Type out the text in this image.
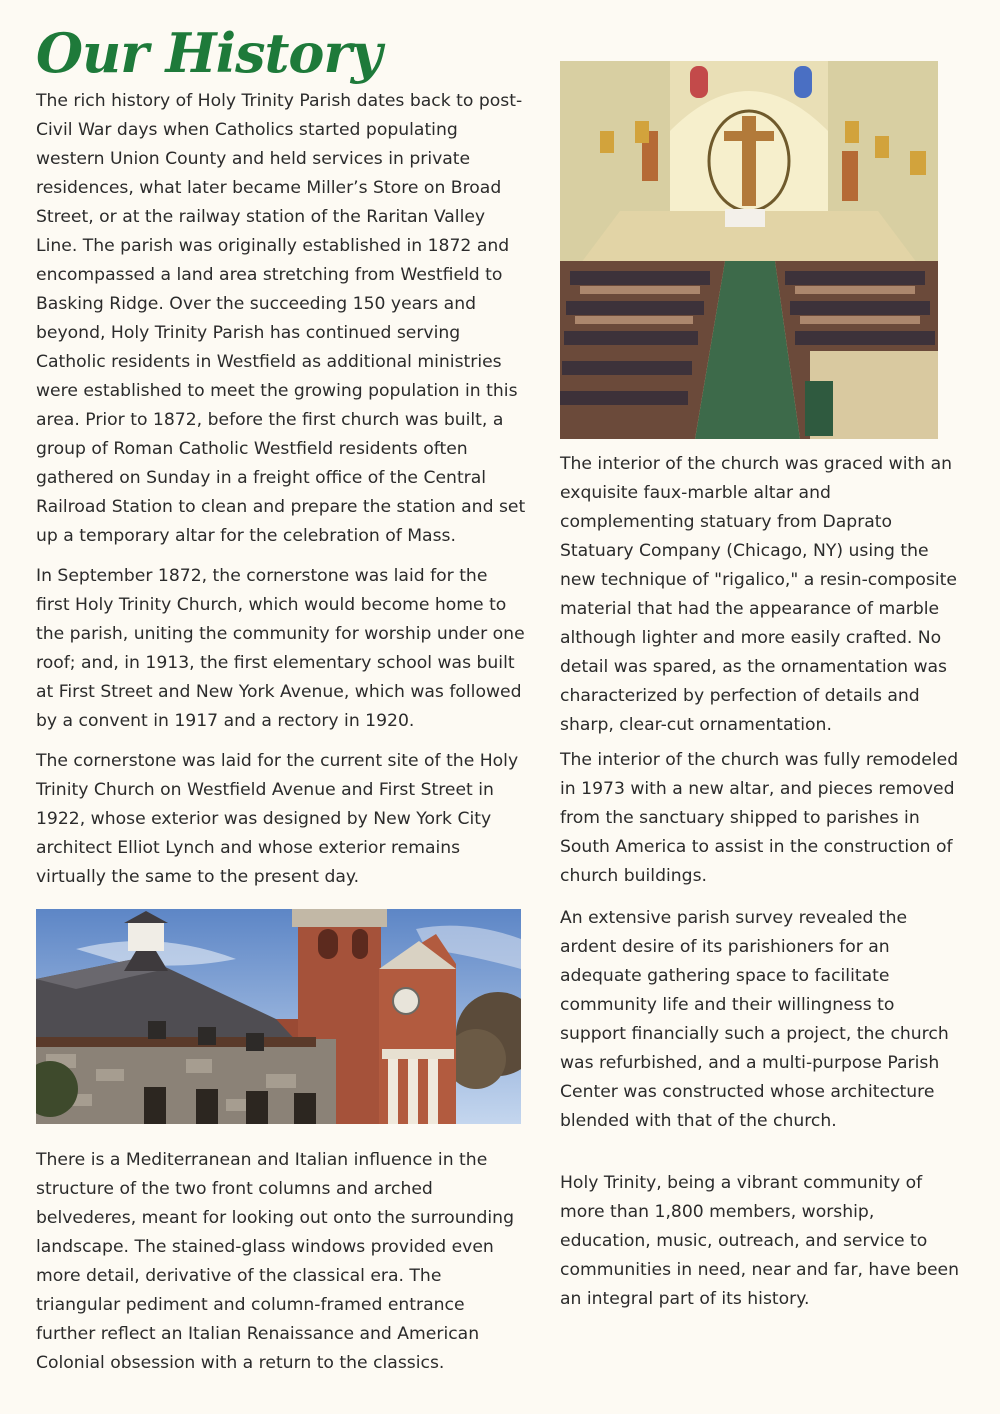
Our History

The rich history of Holy Trinity Parish dates back to post-Civil War days when Catholics started populating western Union County and held services in private residences, what later became Miller’s Store on Broad Street, or at the railway station of the Raritan Valley Line. The parish was originally established in 1872 and encompassed a land area stretching from Westfield to Basking Ridge. Over the succeeding 150 years and beyond, Holy Trinity Parish has continued serving Catholic residents in Westfield as additional ministries were established to meet the growing population in this area. Prior to 1872, before the first church was built, a group of Roman Catholic Westfield residents often gathered on Sunday in a freight office of the Central Railroad Station to clean and prepare the station and set up a temporary altar for the celebration of Mass.

In September 1872, the cornerstone was laid for the first Holy Trinity Church, which would become home to the parish, uniting the community for worship under one roof; and, in 1913, the first elementary school was built at First Street and New York Avenue, which was followed by a convent in 1917 and a rectory in 1920.

The cornerstone was laid for the current site of the Holy Trinity Church on Westfield Avenue and First Street in 1922, whose exterior was designed by New York City architect Elliot Lynch and whose exterior remains virtually the same to the present day.

There is a Mediterranean and Italian influence in the structure of the two front columns and arched belvederes, meant for looking out onto the surrounding landscape. The stained-glass windows provided even more detail, derivative of the classical era. The triangular pediment and column-framed entrance further reflect an Italian Renaissance and American Colonial obsession with a return to the classics.

The interior of the church was graced with an exquisite faux-marble altar and complementing statuary from Daprato Statuary Company (Chicago, NY) using the new technique of "rigalico," a resin-composite material that had the appearance of marble although lighter and more easily crafted. No detail was spared, as the ornamentation was characterized by perfection of details and sharp, clear-cut ornamentation.

The interior of the church was fully remodeled in 1973 with a new altar, and pieces removed from the sanctuary shipped to parishes in South America to assist in the construction of church buildings.

An extensive parish survey revealed the ardent desire of its parishioners for an adequate gathering space to facilitate community life and their willingness to support financially such a project, the church was refurbished, and a multi-purpose Parish Center was constructed whose architecture blended with that of the church.

Holy Trinity, being a vibrant community of more than 1,800 members, worship, education, music, outreach, and service to communities in need, near and far, have been an integral part of its history.
